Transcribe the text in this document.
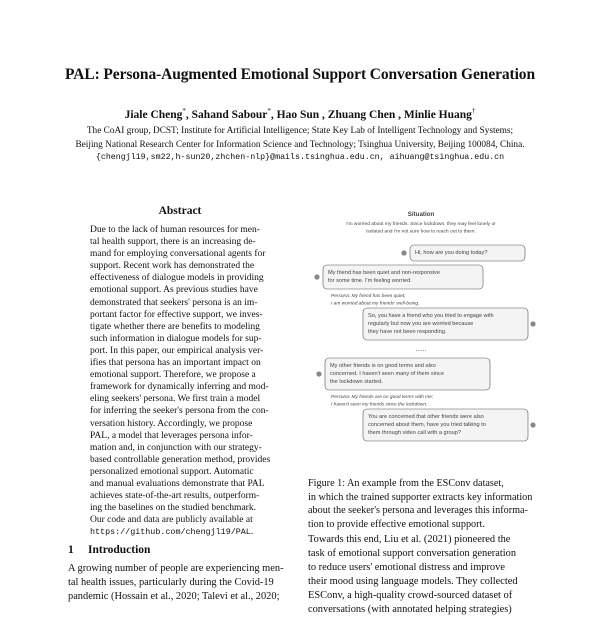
PAL: Persona-Augmented Emotional Support Conversation Generation
Jiale Cheng*, Sahand Sabour*, Hao Sun , Zhuang Chen , Minlie Huang†
The CoAI group, DCST; Institute for Artificial Intelligence; State Key Lab of Intelligent Technology and Systems;
Beijing National Research Center for Information Science and Technology; Tsinghua University, Beijing 100084, China.
{chengjl19,sm22,h-sun20,zhchen-nlp}@mails.tsinghua.edu.cn, aihuang@tsinghua.edu.cn
Abstract
Due to the lack of human resources for men-
tal health support, there is an increasing de-
mand for employing conversational agents for
support. Recent work has demonstrated the
effectiveness of dialogue models in providing
emotional support. As previous studies have
demonstrated that seekers' persona is an im-
portant factor for effective support, we inves-
tigate whether there are benefits to modeling
such information in dialogue models for sup-
port. In this paper, our empirical analysis ver-
ifies that persona has an important impact on
emotional support. Therefore, we propose a
framework for dynamically inferring and mod-
eling seekers' persona. We first train a model
for inferring the seeker's persona from the con-
versation history. Accordingly, we propose
PAL, a model that leverages persona infor-
mation and, in conjunction with our strategy-
based controllable generation method, provides
personalized emotional support. Automatic
and manual evaluations demonstrate that PAL
achieves state-of-the-art results, outperform-
ing the baselines on the studied benchmark.
Our code and data are publicly available at
https://github.com/chengjl19/PAL.
Situation
I'm worried about my friends. Since lockdown, they may feel lonely or
isolated and I'm not sure how to reach out to them.
Hi, how are you doing today?
My friend has been quiet and non-responsive
for some time. I'm feeling worried.
Persona: My friend has been quiet;
I am worried about my friends' well-being.
So, you have a friend who you tried to engage with
regularly but now you are worried because
they have not been responding.
My other friends is on good terms and also
concerned. I haven't seen many of them since
the lockdown started.
Persona: My friends are on good terms with me;
I haven't seen my friends since the lockdown.
You are concerned that other friends were also
concerned about them, have you tried talking to
them through video call with a group?
......
Figure 1: An example from the ESConv dataset,
in which the trained supporter extracts key information
about the seeker's persona and leverages this informa-
tion to provide effective emotional support.
1 Introduction
A growing number of people are experiencing men-
tal health issues, particularly during the Covid-19
pandemic (Hossain et al., 2020; Talevi et al., 2020;
Towards this end, Liu et al. (2021) pioneered the
task of emotional support conversation generation
to reduce users' emotional distress and improve
their mood using language models. They collected
ESConv, a high-quality crowd-sourced dataset of
conversations (with annotated helping strategies)
